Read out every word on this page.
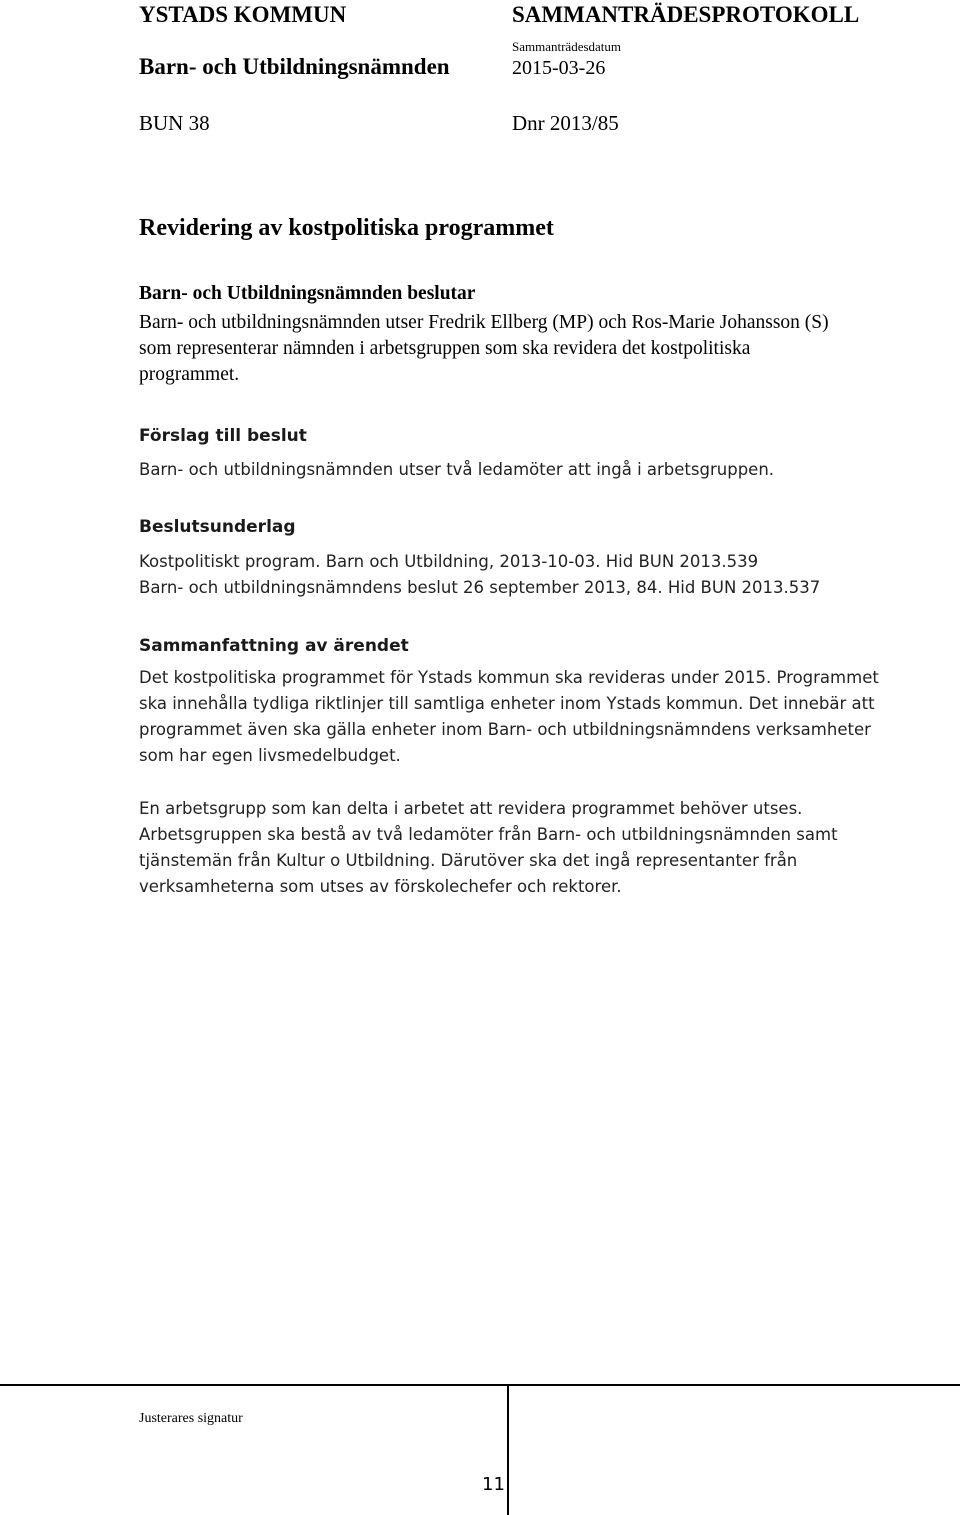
YSTADS KOMMUN	SAMMANTRÄDESPROTOKOLL
Barn- och Utbildningsnämnden
Sammanträdesdatum
2015-03-26
BUN 38	Dnr 2013/85
Revidering av kostpolitiska programmet
Barn- och Utbildningsnämnden beslutar
Barn- och utbildningsnämnden utser Fredrik Ellberg (MP) och Ros-Marie Johansson (S)
som representerar nämnden i arbetsgruppen som ska revidera det kostpolitiska
programmet.
Förslag till beslut
Barn- och utbildningsnämnden utser två ledamöter att ingå i arbetsgruppen.
Beslutsunderlag
Kostpolitiskt program. Barn och Utbildning, 2013-10-03. Hid BUN 2013.539
Barn- och utbildningsnämndens beslut 26 september 2013, 84. Hid BUN 2013.537
Sammanfattning av ärendet
Det kostpolitiska programmet för Ystads kommun ska revideras under 2015. Programmet
ska innehålla tydliga riktlinjer till samtliga enheter inom Ystads kommun. Det innebär att
programmet även ska gälla enheter inom Barn- och utbildningsnämndens verksamheter
som har egen livsmedelbudget.
En arbetsgrupp som kan delta i arbetet att revidera programmet behöver utses.
Arbetsgruppen ska bestå av två ledamöter från Barn- och utbildningsnämnden samt
tjänstemän från Kultur o Utbildning. Därutöver ska det ingå representanter från
verksamheterna som utses av förskolechefer och rektorer.
Justerares signatur
11
